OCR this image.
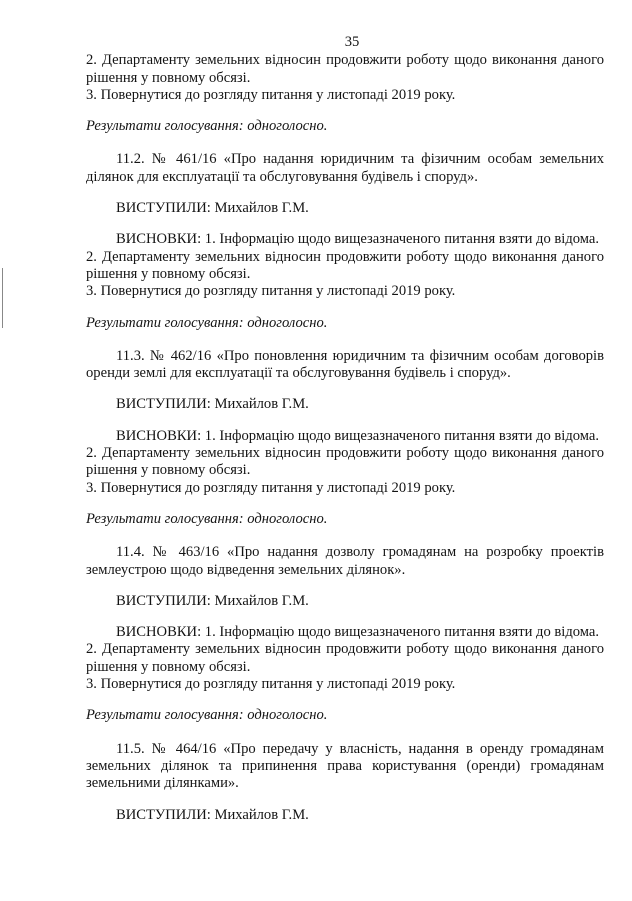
35

2. Департаменту земельних відносин продовжити роботу щодо виконання даного рішення у повному обсязі.

3. Повернутися до розгляду питання у листопаді 2019 року.

Результати голосування: одноголосно.

11.2. № 461/16 «Про надання юридичним та фізичним особам земельних ділянок для експлуатації та обслуговування будівель і споруд».

ВИСТУПИЛИ: Михайлов Г.М.

ВИСНОВКИ: 1. Інформацію щодо вищезазначеного питання взяти до відома.

2. Департаменту земельних відносин продовжити роботу щодо виконання даного рішення у повному обсязі.

3. Повернутися до розгляду питання у листопаді 2019 року.

Результати голосування: одноголосно.

11.3. № 462/16 «Про поновлення юридичним та фізичним особам договорів оренди землі для експлуатації та обслуговування будівель і споруд».

ВИСТУПИЛИ: Михайлов Г.М.

ВИСНОВКИ: 1. Інформацію щодо вищезазначеного питання взяти до відома.

2. Департаменту земельних відносин продовжити роботу щодо виконання даного рішення у повному обсязі.

3. Повернутися до розгляду питання у листопаді 2019 року.

Результати голосування: одноголосно.

11.4. № 463/16 «Про надання дозволу громадянам на розробку проектів землеустрою щодо відведення земельних ділянок».

ВИСТУПИЛИ: Михайлов Г.М.

ВИСНОВКИ: 1. Інформацію щодо вищезазначеного питання взяти до відома.

2. Департаменту земельних відносин продовжити роботу щодо виконання даного рішення у повному обсязі.

3. Повернутися до розгляду питання у листопаді 2019 року.

Результати голосування: одноголосно.

11.5. № 464/16 «Про передачу у власність, надання в оренду громадянам земельних ділянок та припинення права користування (оренди) громадянам земельними ділянками».

ВИСТУПИЛИ: Михайлов Г.М.
